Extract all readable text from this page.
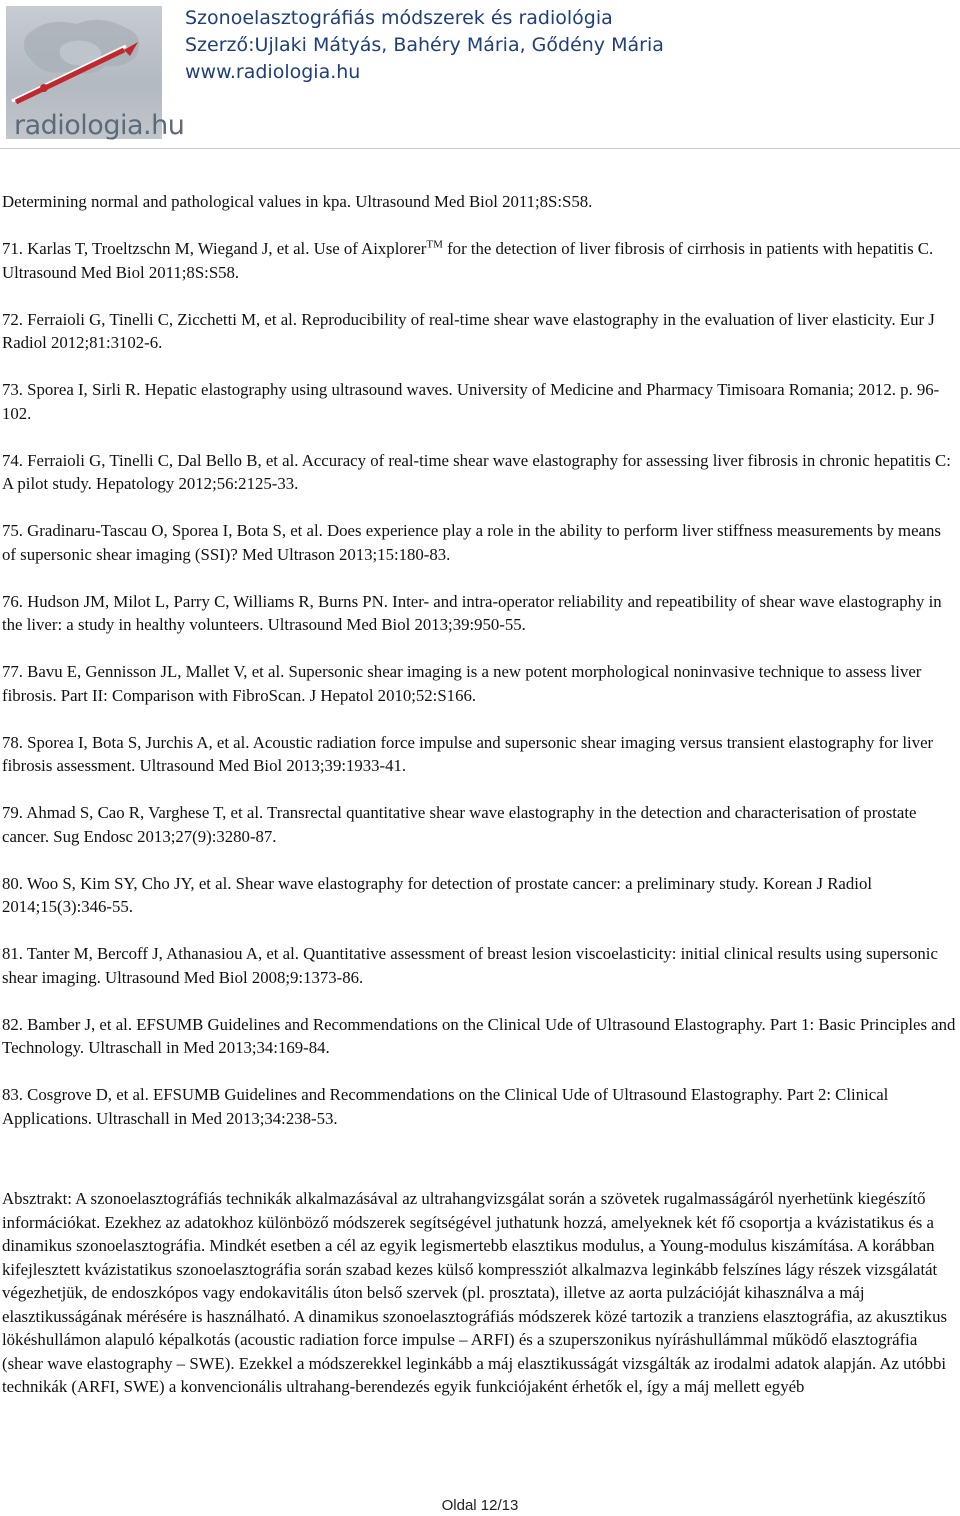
radiologia.hu
Szonoelasztográfiás módszerek és radiológia
Szerző:Ujlaki Mátyás, Bahéry Mária, Gődény Mária
www.radiologia.hu

Determining normal and pathological values in kpa. Ultrasound Med Biol 2011;8S:S58.

71. Karlas T, Troeltzschn M, Wiegand J, et al. Use of Aixplorer™ for the detection of liver fibrosis of cirrhosis in patients with hepatitis C. Ultrasound Med Biol 2011;8S:S58.

72. Ferraioli G, Tinelli C, Zicchetti M, et al. Reproducibility of real-time shear wave elastography in the evaluation of liver elasticity. Eur J Radiol 2012;81:3102-6.

73. Sporea I, Sirli R. Hepatic elastography using ultrasound waves. University of Medicine and Pharmacy Timisoara Romania; 2012. p. 96-102.

74. Ferraioli G, Tinelli C, Dal Bello B, et al. Accuracy of real-time shear wave elastography for assessing liver fibrosis in chronic hepatitis C: A pilot study. Hepatology 2012;56:2125-33.

75. Gradinaru-Tascau O, Sporea I, Bota S, et al. Does experience play a role in the ability to perform liver stiffness measurements by means of supersonic shear imaging (SSI)? Med Ultrason 2013;15:180-83.

76. Hudson JM, Milot L, Parry C, Williams R, Burns PN. Inter- and intra-operator reliability and repeatibility of shear wave elastography in the liver: a study in healthy volunteers. Ultrasound Med Biol 2013;39:950-55.

77. Bavu E, Gennisson JL, Mallet V, et al. Supersonic shear imaging is a new potent morphological noninvasive technique to assess liver fibrosis. Part II: Comparison with FibroScan. J Hepatol 2010;52:S166.

78. Sporea I, Bota S, Jurchis A, et al. Acoustic radiation force impulse and supersonic shear imaging versus transient elastography for liver fibrosis assessment. Ultrasound Med Biol 2013;39:1933-41.

79. Ahmad S, Cao R, Varghese T, et al. Transrectal quantitative shear wave elastography in the detection and characterisation of prostate cancer. Sug Endosc 2013;27(9):3280-87.

80. Woo S, Kim SY, Cho JY, et al. Shear wave elastography for detection of prostate cancer: a preliminary study. Korean J Radiol 2014;15(3):346-55.

81. Tanter M, Bercoff J, Athanasiou A, et al. Quantitative assessment of breast lesion viscoelasticity: initial clinical results using supersonic shear imaging. Ultrasound Med Biol 2008;9:1373-86.

82. Bamber J, et al. EFSUMB Guidelines and Recommendations on the Clinical Ude of Ultrasound Elastography. Part 1: Basic Principles and Technology. Ultraschall in Med 2013;34:169-84.

83. Cosgrove D, et al. EFSUMB Guidelines and Recommendations on the Clinical Ude of Ultrasound Elastography. Part 2: Clinical Applications. Ultraschall in Med 2013;34:238-53.

Absztrakt: A szonoelasztográfiás technikák alkalmazásával az ultrahangvizsgálat során a szövetek rugalmasságáról nyerhetünk kiegészítő információkat. Ezekhez az adatokhoz különböző módszerek segítségével juthatunk hozzá, amelyeknek két fő csoportja a kvázistatikus és a dinamikus szonoelasztográfia. Mindkét esetben a cél az egyik legismertebb elasztikus modulus, a Young-modulus kiszámítása. A korábban kifejlesztett kvázistatikus szonoelasztográfia során szabad kezes külső kompressziót alkalmazva leginkább felszínes lágy részek vizsgálatát végezhetjük, de endoszkópos vagy endokavitális úton belső szervek (pl. prosztata), illetve az aorta pulzációját kihasználva a máj elasztikusságának mérésére is használható. A dinamikus szonoelasztográfiás módszerek közé tartozik a tranziens elasztográfia, az akusztikus lökéshullámon alapuló képalkotás (acoustic radiation force impulse – ARFI) és a szuperszonikus nyíráshullámmal működő elasztográfia (shear wave elastography – SWE). Ezekkel a módszerekkel leginkább a máj elasztikusságát vizsgálták az irodalmi adatok alapján. Az utóbbi technikák (ARFI, SWE) a konvencionális ultrahang-berendezés egyik funkciójaként érhetők el, így a máj mellett egyéb
Oldal 12/13
